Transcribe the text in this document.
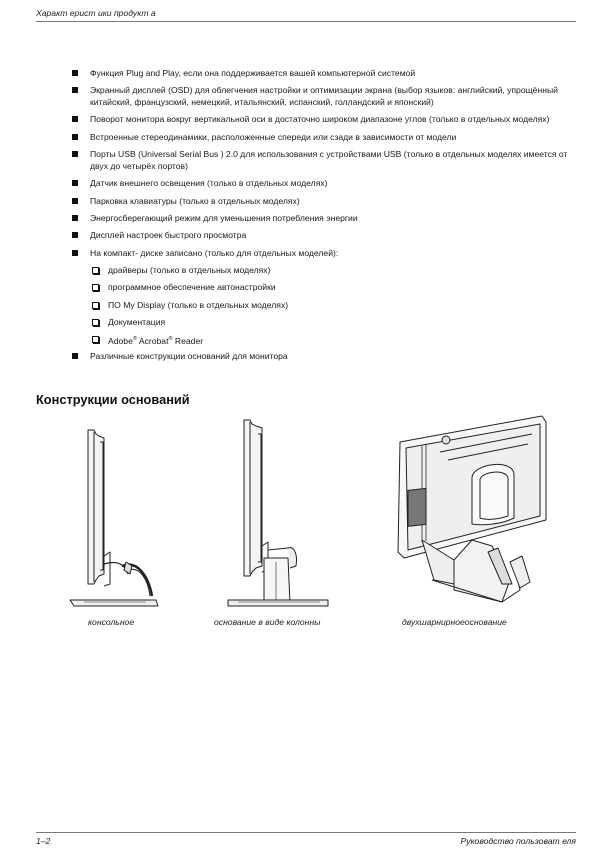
Характ ерист ики продукт а
Функция Plug and Play, если она поддерживается вашей компьютерной системой
Экранный дисплей (OSD) для облегчения настройки и оптимизации экрана (выбор языков: английский, упрощённый китайский, французский, немецкий, итальянский, испанский, голландский и японский)
Поворот монитора вокруг вертикальной оси в достаточно широком диапазоне углов (только в отдельных моделях)
Встроенные стереодинамики, расположенные спереди или сзади в зависимости от модели
Порты USB (Universal Serial Bus ) 2.0 для использования с устройствами USB (только в отдельных моделях имеется от двух до четырёх портов)
Датчик внешнего освещения (только в отдельных моделях)
Парковка клавиатуры (только в отдельных моделях)
Энергосберегающий режим для уменьшения потребления энергии
Дисплей настроек быстрого просмотра
На компакт- диске записано (только для отдельных моделей):
драйверы (только в отдельных моделях)
программное обеспечение автонастройки
ПО My Display (только в отдельных моделях)
Документация
Adobe® Acrobat® Reader
Различные конструкции оснований для монитора
Конструкции оснований
консольное	основание в виде колонны	двухшарнирноеоснование
1–2	Руководство пользоват еля
